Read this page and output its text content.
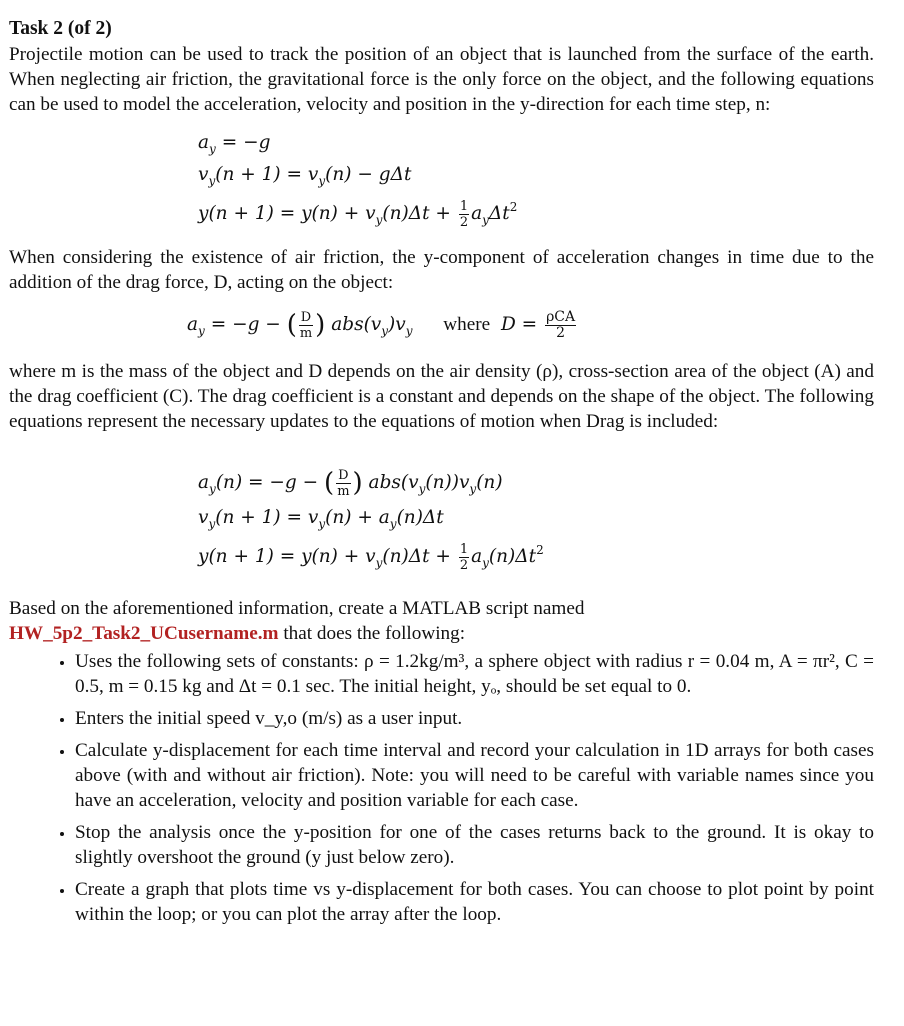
Task 2 (of 2)

Projectile motion can be used to track the position of an object that is launched from the surface of the earth. When neglecting air friction, the gravitational force is the only force on the object, and the following equations can be used to model the acceleration, velocity and position in the y-direction for each time step, n:

$a_y = -g$
$v_y(n + 1) = v_y(n) - g\Delta t$
$y(n + 1) = y(n) + v_y(n)\Delta t + \frac{1}{2} a_y\Delta t^2$

When considering the existence of air friction, the y-component of acceleration changes in time due to the addition of the drag force, D, acting on the object:

$a_y = -g$ − ( $\frac{D}{m}$ ) $abs(v_y)v_y$ where $D = \frac{\text{ρCA}}{2}$

where m is the mass of the object and D depends on the air density (ρ), cross-section area of the object (A) and the drag coefficient (C). The drag coefficient is a constant and depends on the shape of the object. The following equations represent the necessary updates to the equations of motion when Drag is included:

$a_y(n) = -g$ − ( $\frac{D}{m}$ ) $abs(v_y(n))v_y(n)$
$v_y(n + 1) = v_y(n) + a_y(n)\Delta t$
$y(n + 1) = y(n) + v_y(n)\Delta t + \frac{1}{2} a_y(n)\Delta t^2$
Based on the aforementioned information, create a MATLAB script named
HW_5p2_Task2_UCusername.m that does the following:
• Uses the following sets of constants: ρ = 1.2kg/m³, a sphere object with radius r = 0.04 m, A = πr², C = 0.5, m = 0.15 kg and Δt = 0.1 sec. The initial height, yₒ, should be set equal to 0.
• Enters the initial speed v_y,o (m/s) as a user input.
• Calculate y-displacement for each time interval and record your calculation in 1D arrays for both cases above (with and without air friction). Note: you will need to be careful with variable names since you have an acceleration, velocity and position variable for each case.
• Stop the analysis once the y-position for one of the cases returns back to the ground. It is okay to slightly overshoot the ground (y just below zero).
• Create a graph that plots time vs y-displacement for both cases. You can choose to plot point by point within the loop; or you can plot the array after the loop.
